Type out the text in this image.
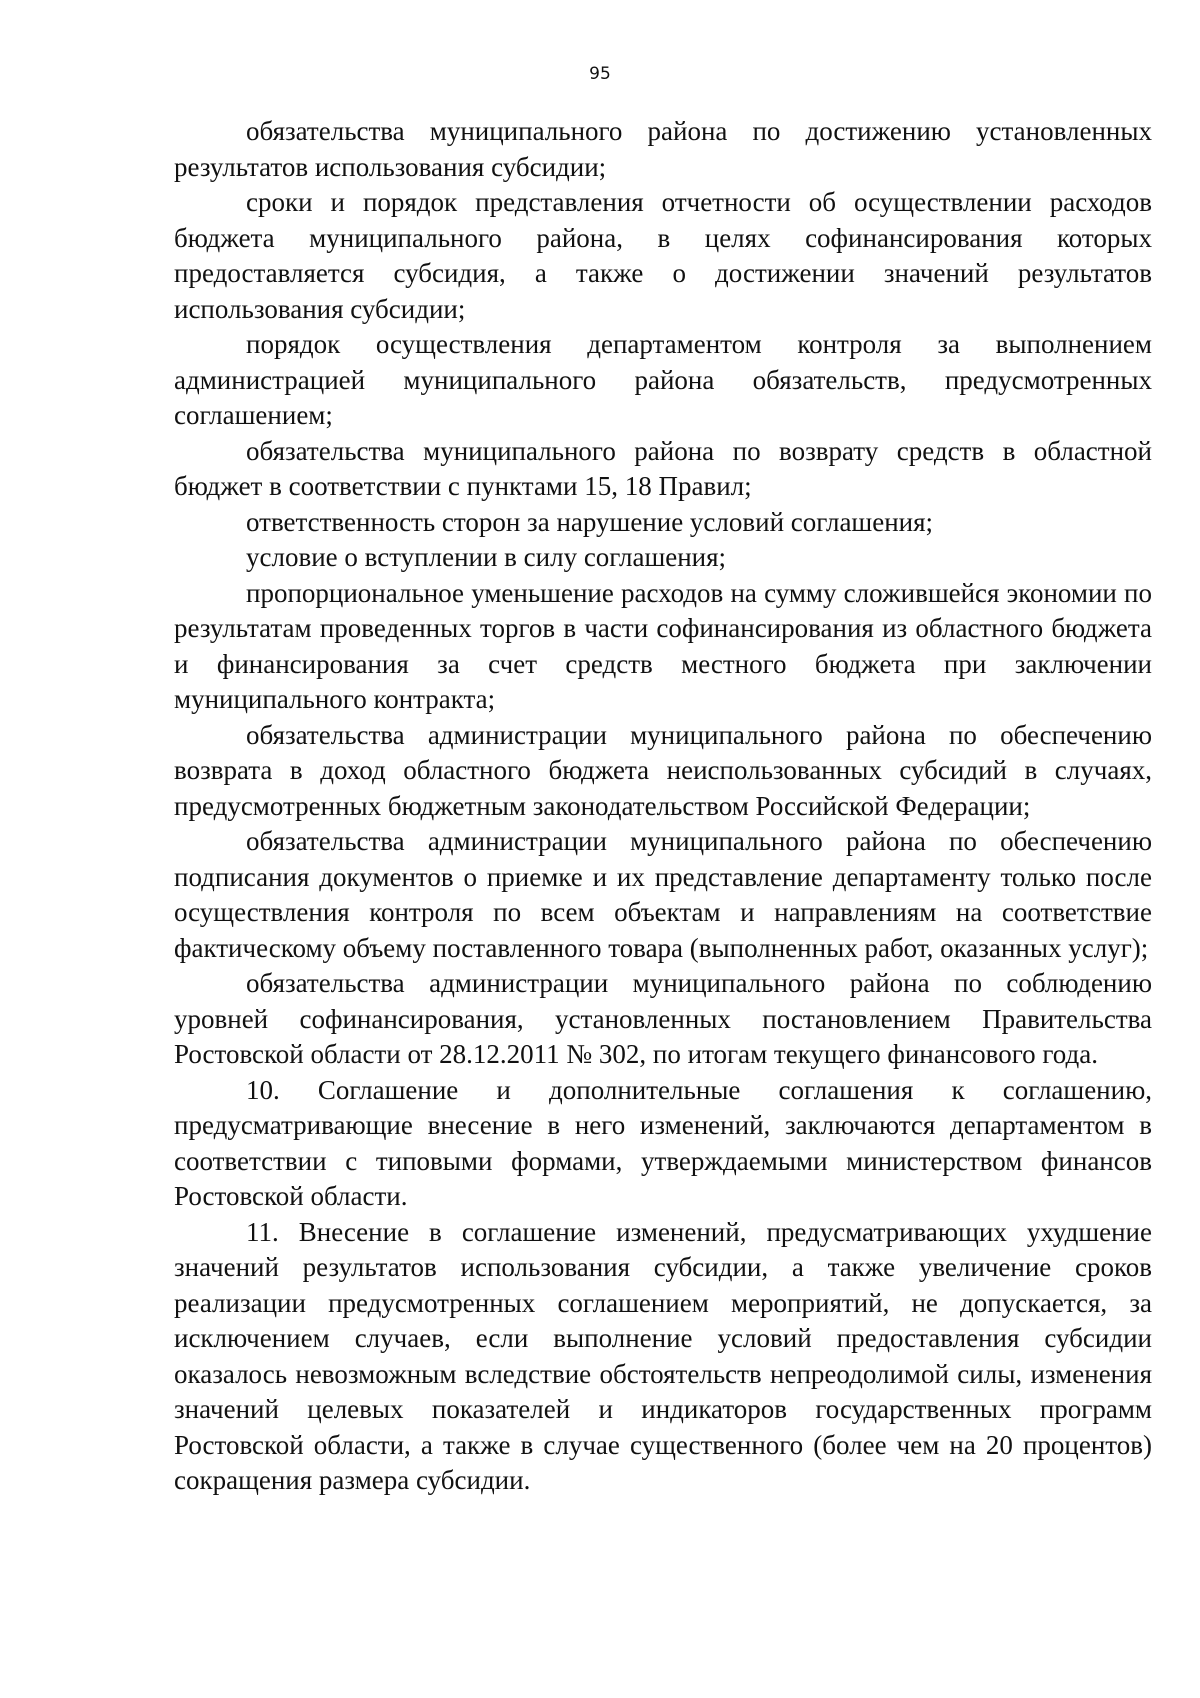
95

обязательства муниципального района по достижению установленных результатов использования субсидии;

сроки и порядок представления отчетности об осуществлении расходов бюджета муниципального района, в целях софинансирования которых предоставляется субсидия, а также о достижении значений результатов использования субсидии;

порядок осуществления департаментом контроля за выполнением администрацией муниципального района обязательств, предусмотренных соглашением;

обязательства муниципального района по возврату средств в областной бюджет в соответствии с пунктами 15, 18 Правил;

ответственность сторон за нарушение условий соглашения;

условие о вступлении в силу соглашения;

пропорциональное уменьшение расходов на сумму сложившейся экономии по результатам проведенных торгов в части софинансирования из областного бюджета и финансирования за счет средств местного бюджета при заключении муниципального контракта;

обязательства администрации муниципального района по обеспечению возврата в доход областного бюджета неиспользованных субсидий в случаях, предусмотренных бюджетным законодательством Российской Федерации;

обязательства администрации муниципального района по обеспечению подписания документов о приемке и их представление департаменту только после осуществления контроля по всем объектам и направлениям на соответствие фактическому объему поставленного товара (выполненных работ, оказанных услуг);

обязательства администрации муниципального района по соблюдению уровней софинансирования, установленных постановлением Правительства Ростовской области от 28.12.2011 № 302, по итогам текущего финансового года.

10. Соглашение и дополнительные соглашения к соглашению, предусматривающие внесение в него изменений, заключаются департаментом в соответствии с типовыми формами, утверждаемыми министерством финансов Ростовской области.

11. Внесение в соглашение изменений, предусматривающих ухудшение значений результатов использования субсидии, а также увеличение сроков реализации предусмотренных соглашением мероприятий, не допускается, за исключением случаев, если выполнение условий предоставления субсидии оказалось невозможным вследствие обстоятельств непреодолимой силы, изменения значений целевых показателей и индикаторов государственных программ Ростовской области, а также в случае существенного (более чем на 20 процентов) сокращения размера субсидии.
